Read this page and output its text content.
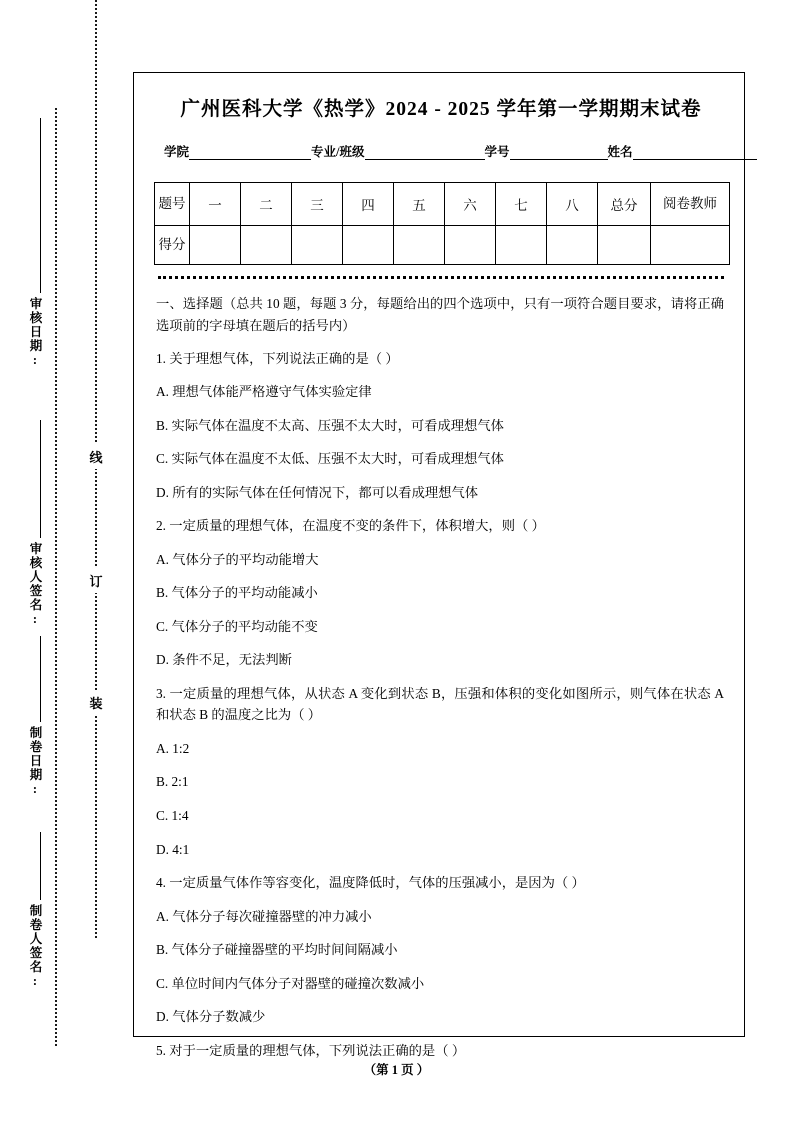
审核日期:
审核人签名:
制卷日期:
制卷人签名:
线
订
装
广州医科大学《热学》2024 - 2025 学年第一学期期末试卷
学院	专业/班级	学号	姓名
题号	一	二	三	四	五	六	七	八	总分	阅卷教师
得分										

一、选择题（总共 10 题，每题 3 分，每题给出的四个选项中，只有一项符合题目要求，请将正确选项前的字母填在题后的括号内）

1. 关于理想气体，下列说法正确的是（ ）

A. 理想气体能严格遵守气体实验定律

B. 实际气体在温度不太高、压强不太大时，可看成理想气体

C. 实际气体在温度不太低、压强不太大时，可看成理想气体

D. 所有的实际气体在任何情况下，都可以看成理想气体

2. 一定质量的理想气体，在温度不变的条件下，体积增大，则（ ）

A. 气体分子的平均动能增大

B. 气体分子的平均动能减小

C. 气体分子的平均动能不变

D. 条件不足，无法判断

3. 一定质量的理想气体，从状态 A 变化到状态 B，压强和体积的变化如图所示，则气体在状态 A 和状态 B 的温度之比为（ ）

A. 1:2

B. 2:1

C. 1:4

D. 4:1

4. 一定质量气体作等容变化，温度降低时，气体的压强减小，是因为（ ）

A. 气体分子每次碰撞器壁的冲力减小

B. 气体分子碰撞器壁的平均时间间隔减小

C. 单位时间内气体分子对器壁的碰撞次数减小

D. 气体分子数减少

5. 对于一定质量的理想气体，下列说法正确的是（ ）

（第 1 页 ）
